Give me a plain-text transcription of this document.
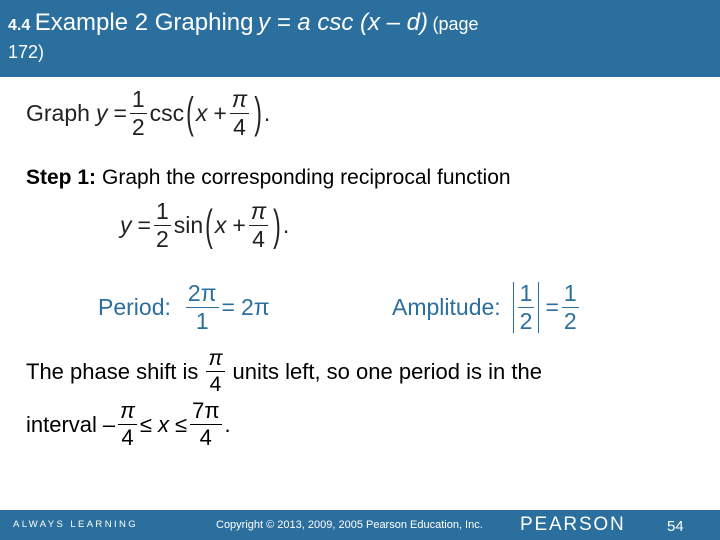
4.4 Example 2 Graphing y = a csc (x – d) (page
172)
Graph $y = \frac{1}{2}$ csc ( $x + \frac{\pi}{4}$ ) .
Step 1: Graph the corresponding reciprocal function
$y = \frac{1}{2}$ sin ( $x + \frac{\pi}{4}$ ) .
Period: $\frac{2\pi}{1} = 2\pi$	Amplitude: $\frac{1}{2} = \frac{1}{2}$
The phase shift is $\frac{\pi}{4}$ units left, so one period is in the
interval – $\frac{\pi}{4} \le x \le \frac{7\pi}{4}$ .
ALWAYS LEARNING	Copyright © 2013, 2009, 2005 Pearson Education, Inc. PEARSON	54
